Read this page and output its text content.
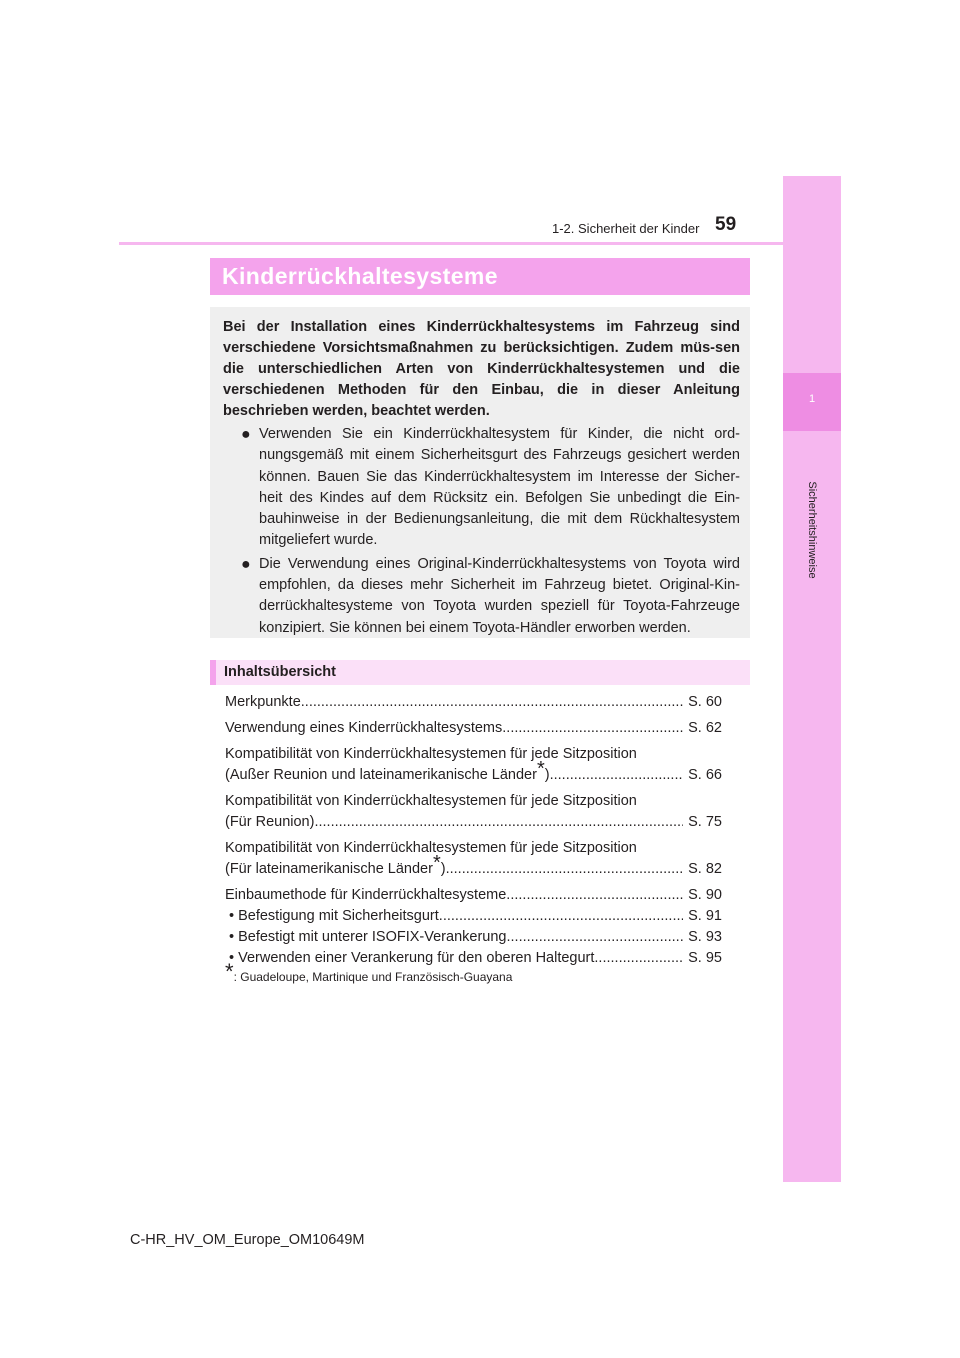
1
Sicherheitshinweise
1-2. Sicherheit der Kinder 59
Kinderrückhaltesysteme
Bei der Installation eines Kinderrückhaltesystems im Fahrzeug sind verschiedene Vorsichtsmaßnahmen zu berücksichtigen. Zudem müs-sen die unterschiedlichen Arten von Kinderrückhaltesystemen und die verschiedenen Methoden für den Einbau, die in dieser Anleitung beschrieben werden, beachtet werden.
● Verwenden Sie ein Kinderrückhaltesystem für Kinder, die nicht ord-nungsgemäß mit einem Sicherheitsgurt des Fahrzeugs gesichert werden können. Bauen Sie das Kinderrückhaltesystem im Interesse der Sicher-heit des Kindes auf dem Rücksitz ein. Befolgen Sie unbedingt die Ein-bauhinweise in der Bedienungsanleitung, die mit dem Rückhaltesystem mitgeliefert wurde.
● Die Verwendung eines Original-Kinderrückhaltesystems von Toyota wird empfohlen, da dieses mehr Sicherheit im Fahrzeug bietet. Original-Kin-derrückhaltesysteme von Toyota wurden speziell für Toyota-Fahrzeuge konzipiert. Sie können bei einem Toyota-Händler erworben werden.
Inhaltsübersicht
Merkpunkte .....	S. 60
Verwendung eines Kinderrückhaltesystems .....	S. 62
Kompatibilität von Kinderrückhaltesystemen für jede Sitzposition
(Außer Reunion und lateinamerikanische Länder*) .....	S. 66
Kompatibilität von Kinderrückhaltesystemen für jede Sitzposition
(Für Reunion) .....	S. 75
Kompatibilität von Kinderrückhaltesystemen für jede Sitzposition
(Für lateinamerikanische Länder*) .....	S. 82
Einbaumethode für Kinderrückhaltesysteme .....	S. 90
• Befestigung mit Sicherheitsgurt .....	S. 91
• Befestigt mit unterer ISOFIX-Verankerung .....	S. 93
• Verwenden einer Verankerung für den oberen Haltegurt .....	S. 95
*: Guadeloupe, Martinique und Französisch-Guayana
C-HR_HV_OM_Europe_OM10649M
